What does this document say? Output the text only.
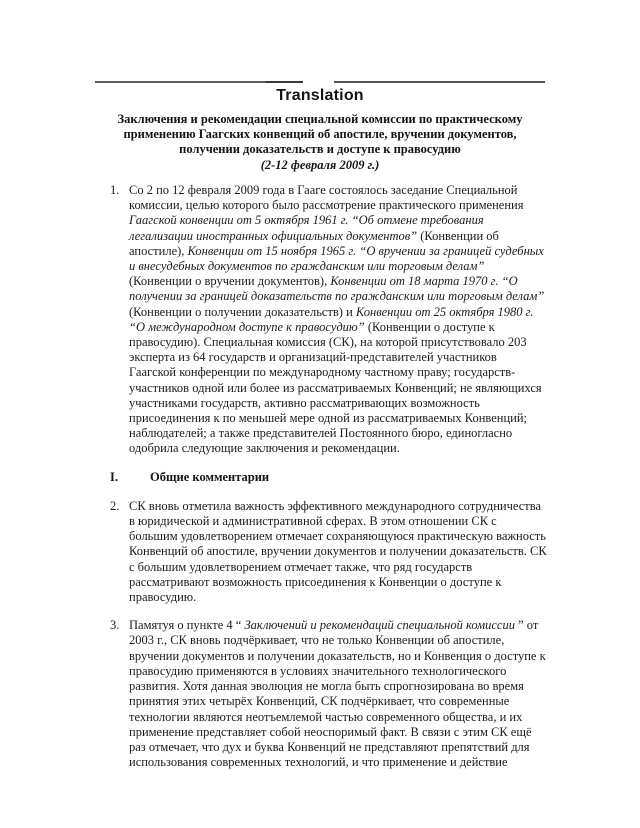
Translation
Заключения и рекомендации специальной комиссии по практическому применению Гаагских конвенций об апостиле, вручении документов, получении доказательств и доступе к правосудию
(2-12 февраля 2009 г.)
1. Со 2 по 12 февраля 2009 года в Гааге состоялось заседание Специальной комиссии, целью которого было рассмотрение практического применения Гаагской конвенции от 5 октября 1961 г. “Об отмене требования легализации иностранных официальных документов” (Конвенции об апостиле), Конвенции от 15 ноября 1965 г. “О вручении за границей судебных и внесудебных документов по гражданским или торговым делам” (Конвенции о вручении документов), Конвенции от 18 марта 1970 г. “О получении за границей доказательств по гражданским или торговым делам” (Конвенции о получении доказательств) и Конвенции от 25 октября 1980 г. “О международном доступе к правосудию” (Конвенции о доступе к правосудию). Специальная комиссия (СК), на которой присутствовало 203 эксперта из 64 государств и организаций-представителей участников Гаагской конференции по международному частному праву; государств-участников одной или более из рассматриваемых Конвенций; не являющихся участниками государств, активно рассматривающих возможность присоединения к по меньшей мере одной из рассматриваемых Конвенций; наблюдателей; а также представителей Постоянного бюро, единогласно одобрила следующие заключения и рекомендации.
I.	Общие комментарии
2. СК вновь отметила важность эффективного международного сотрудничества в юридической и административной сферах. В этом отношении СК с большим удовлетворением отмечает сохраняющуюся практическую важность Конвенций об апостиле, вручении документов и получении доказательств. СК с большим удовлетворением отмечает также, что ряд государств рассматривают возможность присоединения к Конвенции о доступе к правосудию.
3. Памятуя о пункте 4 “ Заключений и рекомендаций специальной комиссии ” от 2003 г., СК вновь подчёркивает, что не только Конвенции об апостиле, вручении документов и получении доказательств, но и Конвенция о доступе к правосудию применяются в условиях значительного технологического развития. Хотя данная эволюция не могла быть спрогнозирована во время принятия этих четырёх Конвенций, СК подчёркивает, что современные технологии являются неотъемлемой частью современного общества, и их применение представляет собой неоспоримый факт. В связи с этим СК ещё раз отмечает, что дух и буква Конвенций не представляют препятствий для использования современных технологий, и что применение и действие
